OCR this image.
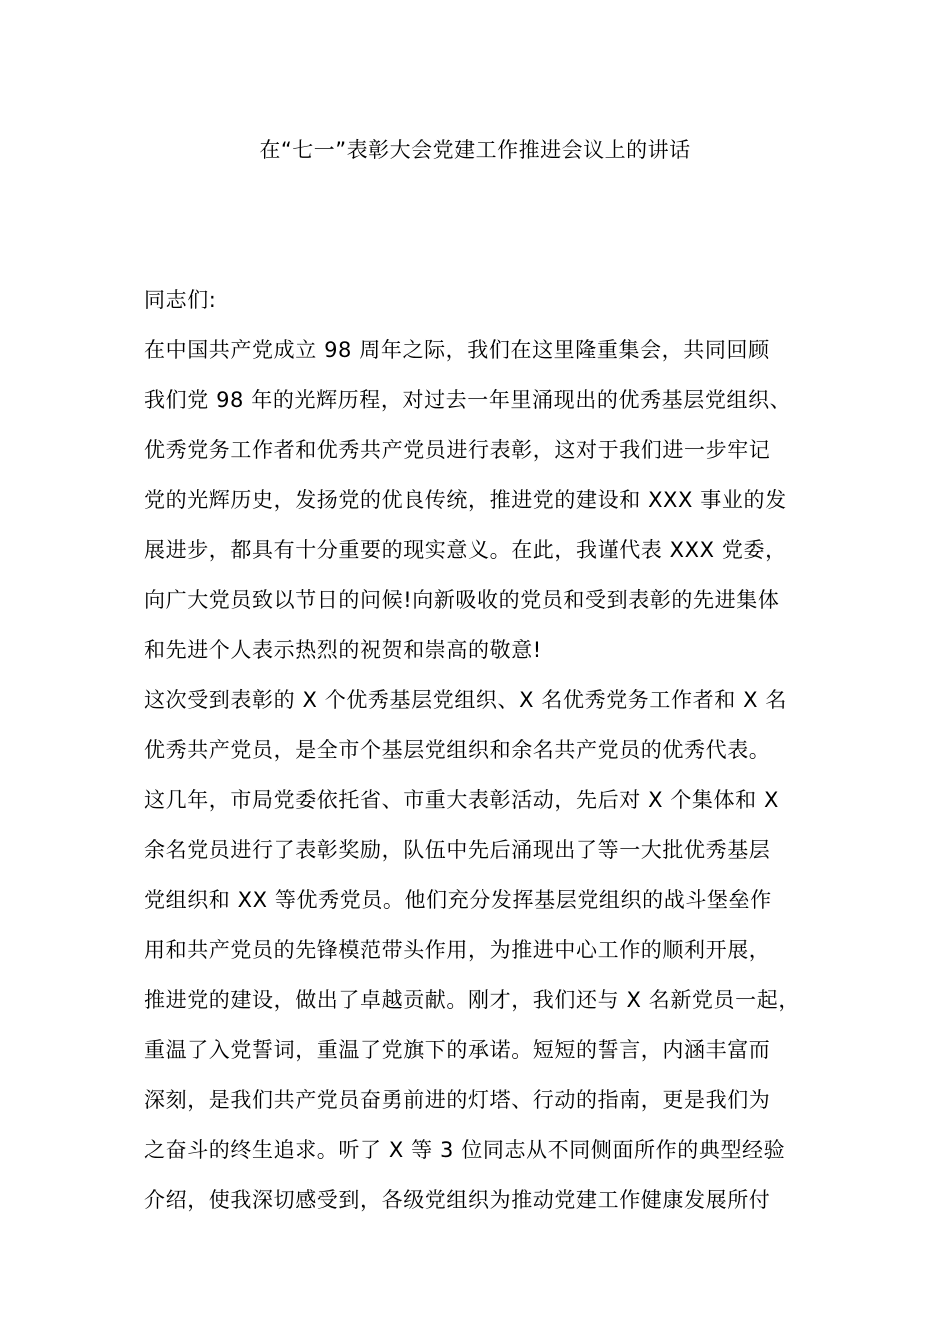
在“七一”表彰大会党建工作推进会议上的讲话
同志们:
在中国共产党成立 98 周年之际，我们在这里隆重集会，共同回顾
我们党 98 年的光辉历程，对过去一年里涌现出的优秀基层党组织、
优秀党务工作者和优秀共产党员进行表彰，这对于我们进一步牢记
党的光辉历史，发扬党的优良传统，推进党的建设和 XXX 事业的发
展进步，都具有十分重要的现实意义。在此，我谨代表 XXX 党委，
向广大党员致以节日的问候!向新吸收的党员和受到表彰的先进集体
和先进个人表示热烈的祝贺和崇高的敬意!
这次受到表彰的 X 个优秀基层党组织、X 名优秀党务工作者和 X 名
优秀共产党员，是全市个基层党组织和余名共产党员的优秀代表。
这几年，市局党委依托省、市重大表彰活动，先后对 X 个集体和 X
余名党员进行了表彰奖励，队伍中先后涌现出了等一大批优秀基层
党组织和 XX 等优秀党员。他们充分发挥基层党组织的战斗堡垒作
用和共产党员的先锋模范带头作用，为推进中心工作的顺利开展，
推进党的建设，做出了卓越贡献。刚才，我们还与 X 名新党员一起，
重温了入党誓词，重温了党旗下的承诺。短短的誓言，内涵丰富而
深刻，是我们共产党员奋勇前进的灯塔、行动的指南，更是我们为
之奋斗的终生追求。听了 X 等 3 位同志从不同侧面所作的典型经验
介绍，使我深切感受到，各级党组织为推动党建工作健康发展所付
